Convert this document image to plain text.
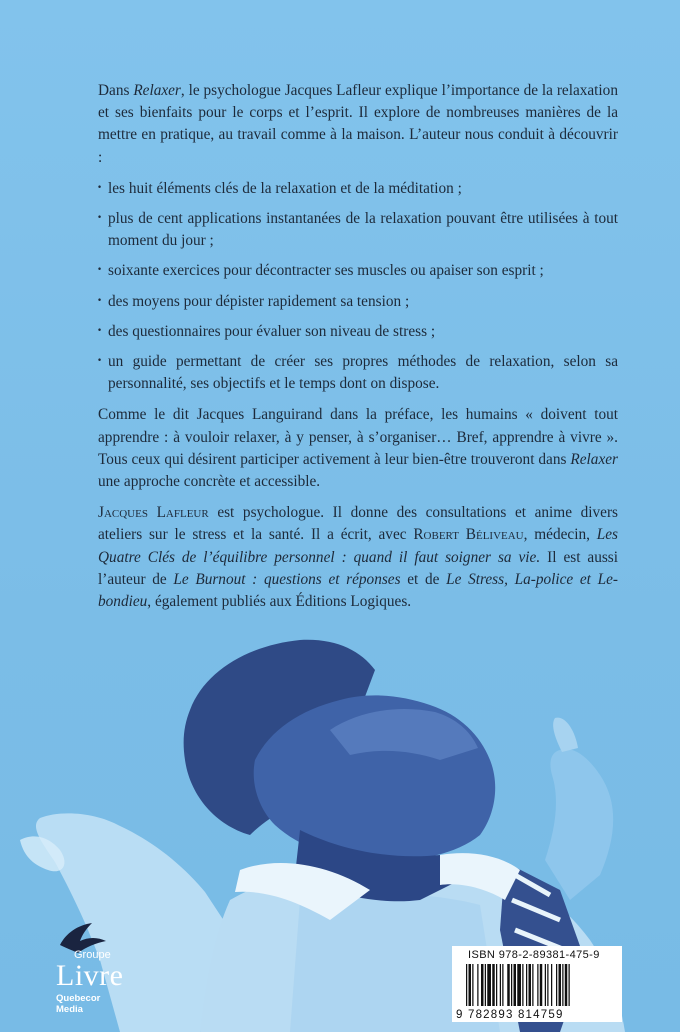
Dans Relaxer, le psychologue Jacques Lafleur explique l’importance de la relaxation et ses bienfaits pour le corps et l’esprit. Il explore de nombreuses manières de la mettre en pratique, au travail comme à la maison. L’auteur nous conduit à découvrir :

· les huit éléments clés de la relaxation et de la méditation ;
· plus de cent applications instantanées de la relaxation pouvant être utilisées à tout moment du jour ;
· soixante exercices pour décontracter ses muscles ou apaiser son esprit ;
· des moyens pour dépister rapidement sa tension ;
· des questionnaires pour évaluer son niveau de stress ;
· un guide permettant de créer ses propres méthodes de relaxation, selon sa personnalité, ses objectifs et le temps dont on dispose.

Comme le dit Jacques Languirand dans la préface, les humains « doivent tout apprendre : à vouloir relaxer, à y penser, à s’organiser… Bref, apprendre à vivre ». Tous ceux qui désirent participer activement à leur bien-être trouveront dans Relaxer une approche concrète et accessible.

Jacques Lafleur est psychologue. Il donne des consultations et anime divers ateliers sur le stress et la santé. Il a écrit, avec Robert Béliveau, médecin, Les Quatre Clés de l’équilibre personnel : quand il faut soigner sa vie. Il est aussi l’auteur de Le Burnout : questions et réponses et de Le Stress, La-police et Le-bondieu, également publiés aux Éditions Logiques.

Groupe
Livre
Quebecor Media
ISBN 978-2-89381-475-9
9 782893 814759
